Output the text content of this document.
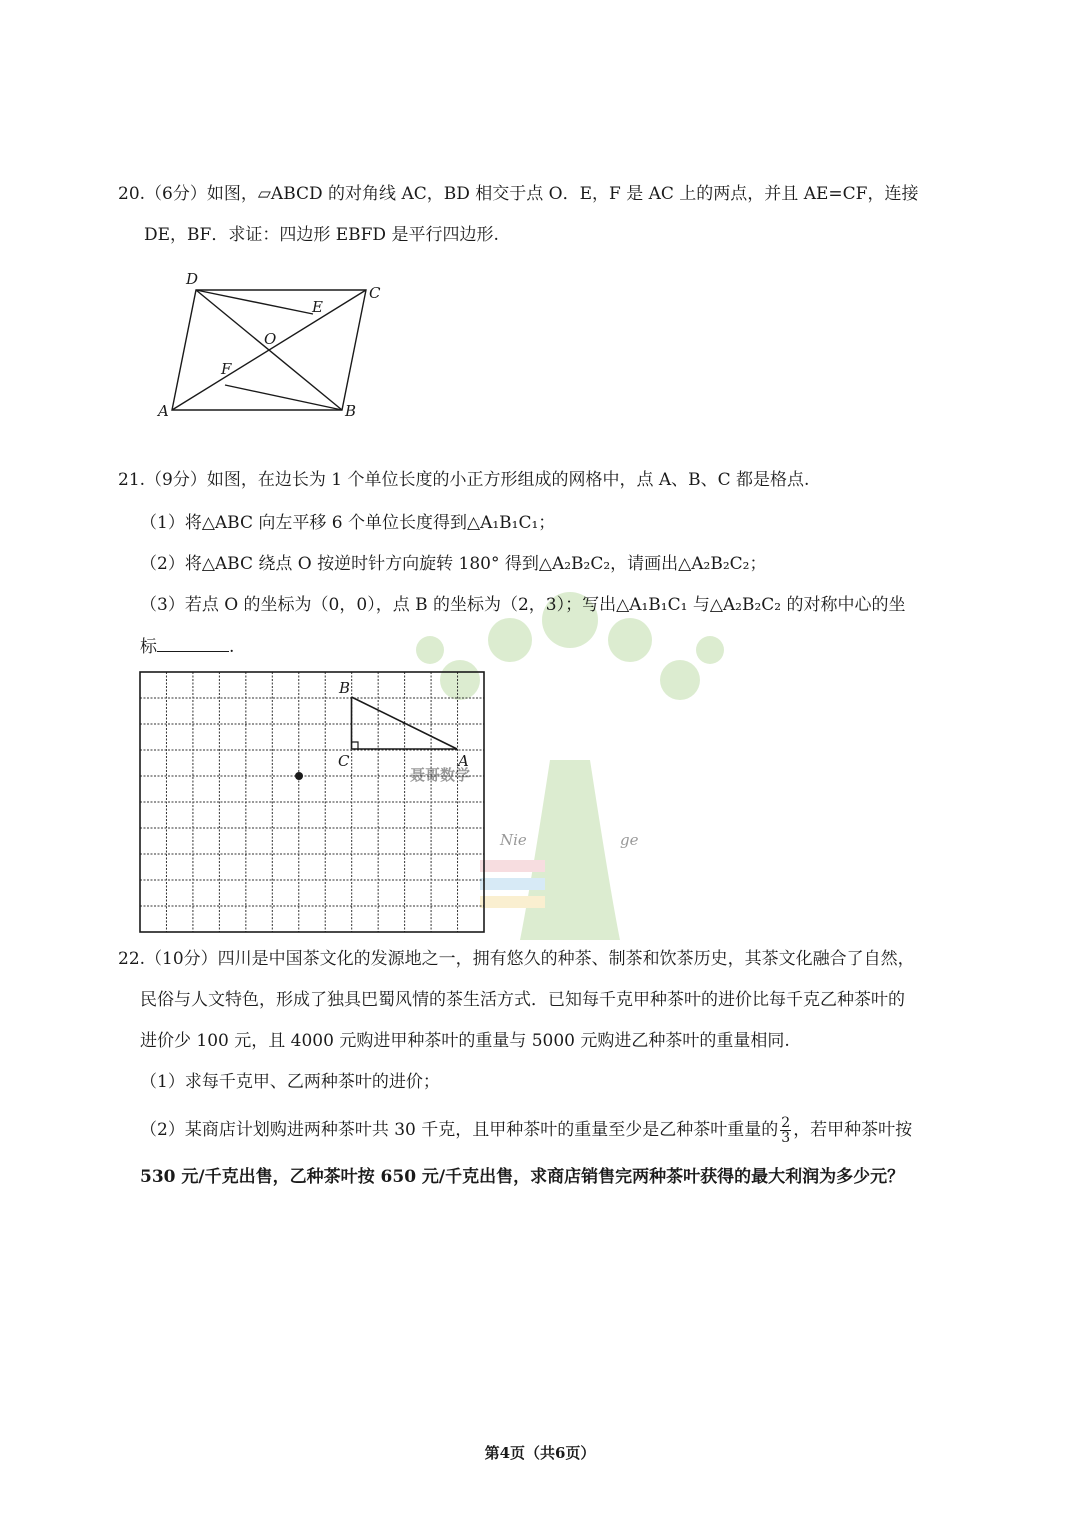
聂哥数学
Nie	ge
20.（6分）如图，▱ABCD 的对角线 AC，BD 相交于点 O．E，F 是 AC 上的两点，并且 AE=CF，连接
DE，BF．求证：四边形 EBFD 是平行四边形.
D
C
E
O
F
A	B
21.（9分）如图，在边长为 1 个单位长度的小正方形组成的网格中，点 A、B、C 都是格点.
（1）将△ABC 向左平移 6 个单位长度得到△A₁B₁C₁；
（2）将△ABC 绕点 O 按逆时针方向旋转 180° 得到△A₂B₂C₂，请画出△A₂B₂C₂；
（3）若点 O 的坐标为（0，0），点 B 的坐标为（2，3）；写出△A₁B₁C₁ 与△A₂B₂C₂ 的对称中心的坐
标	.
B
C	A
22.（10分）四川是中国茶文化的发源地之一，拥有悠久的种茶、制茶和饮茶历史，其茶文化融合了自然，
民俗与人文特色，形成了独具巴蜀风情的茶生活方式．已知每千克甲种茶叶的进价比每千克乙种茶叶的
进价少 100 元，且 4000 元购进甲种茶叶的重量与 5000 元购进乙种茶叶的重量相同.
（1）求每千克甲、乙两种茶叶的进价；
（2）某商店计划购进两种茶叶共 30 千克，且甲种茶叶的重量至少是乙种茶叶重量的 $\frac{2}{3}$ ，若甲种茶叶按
530 元/千克出售，乙种茶叶按 650 元/千克出售，求商店销售完两种茶叶获得的最大利润为多少元？
第4页（共6页）
